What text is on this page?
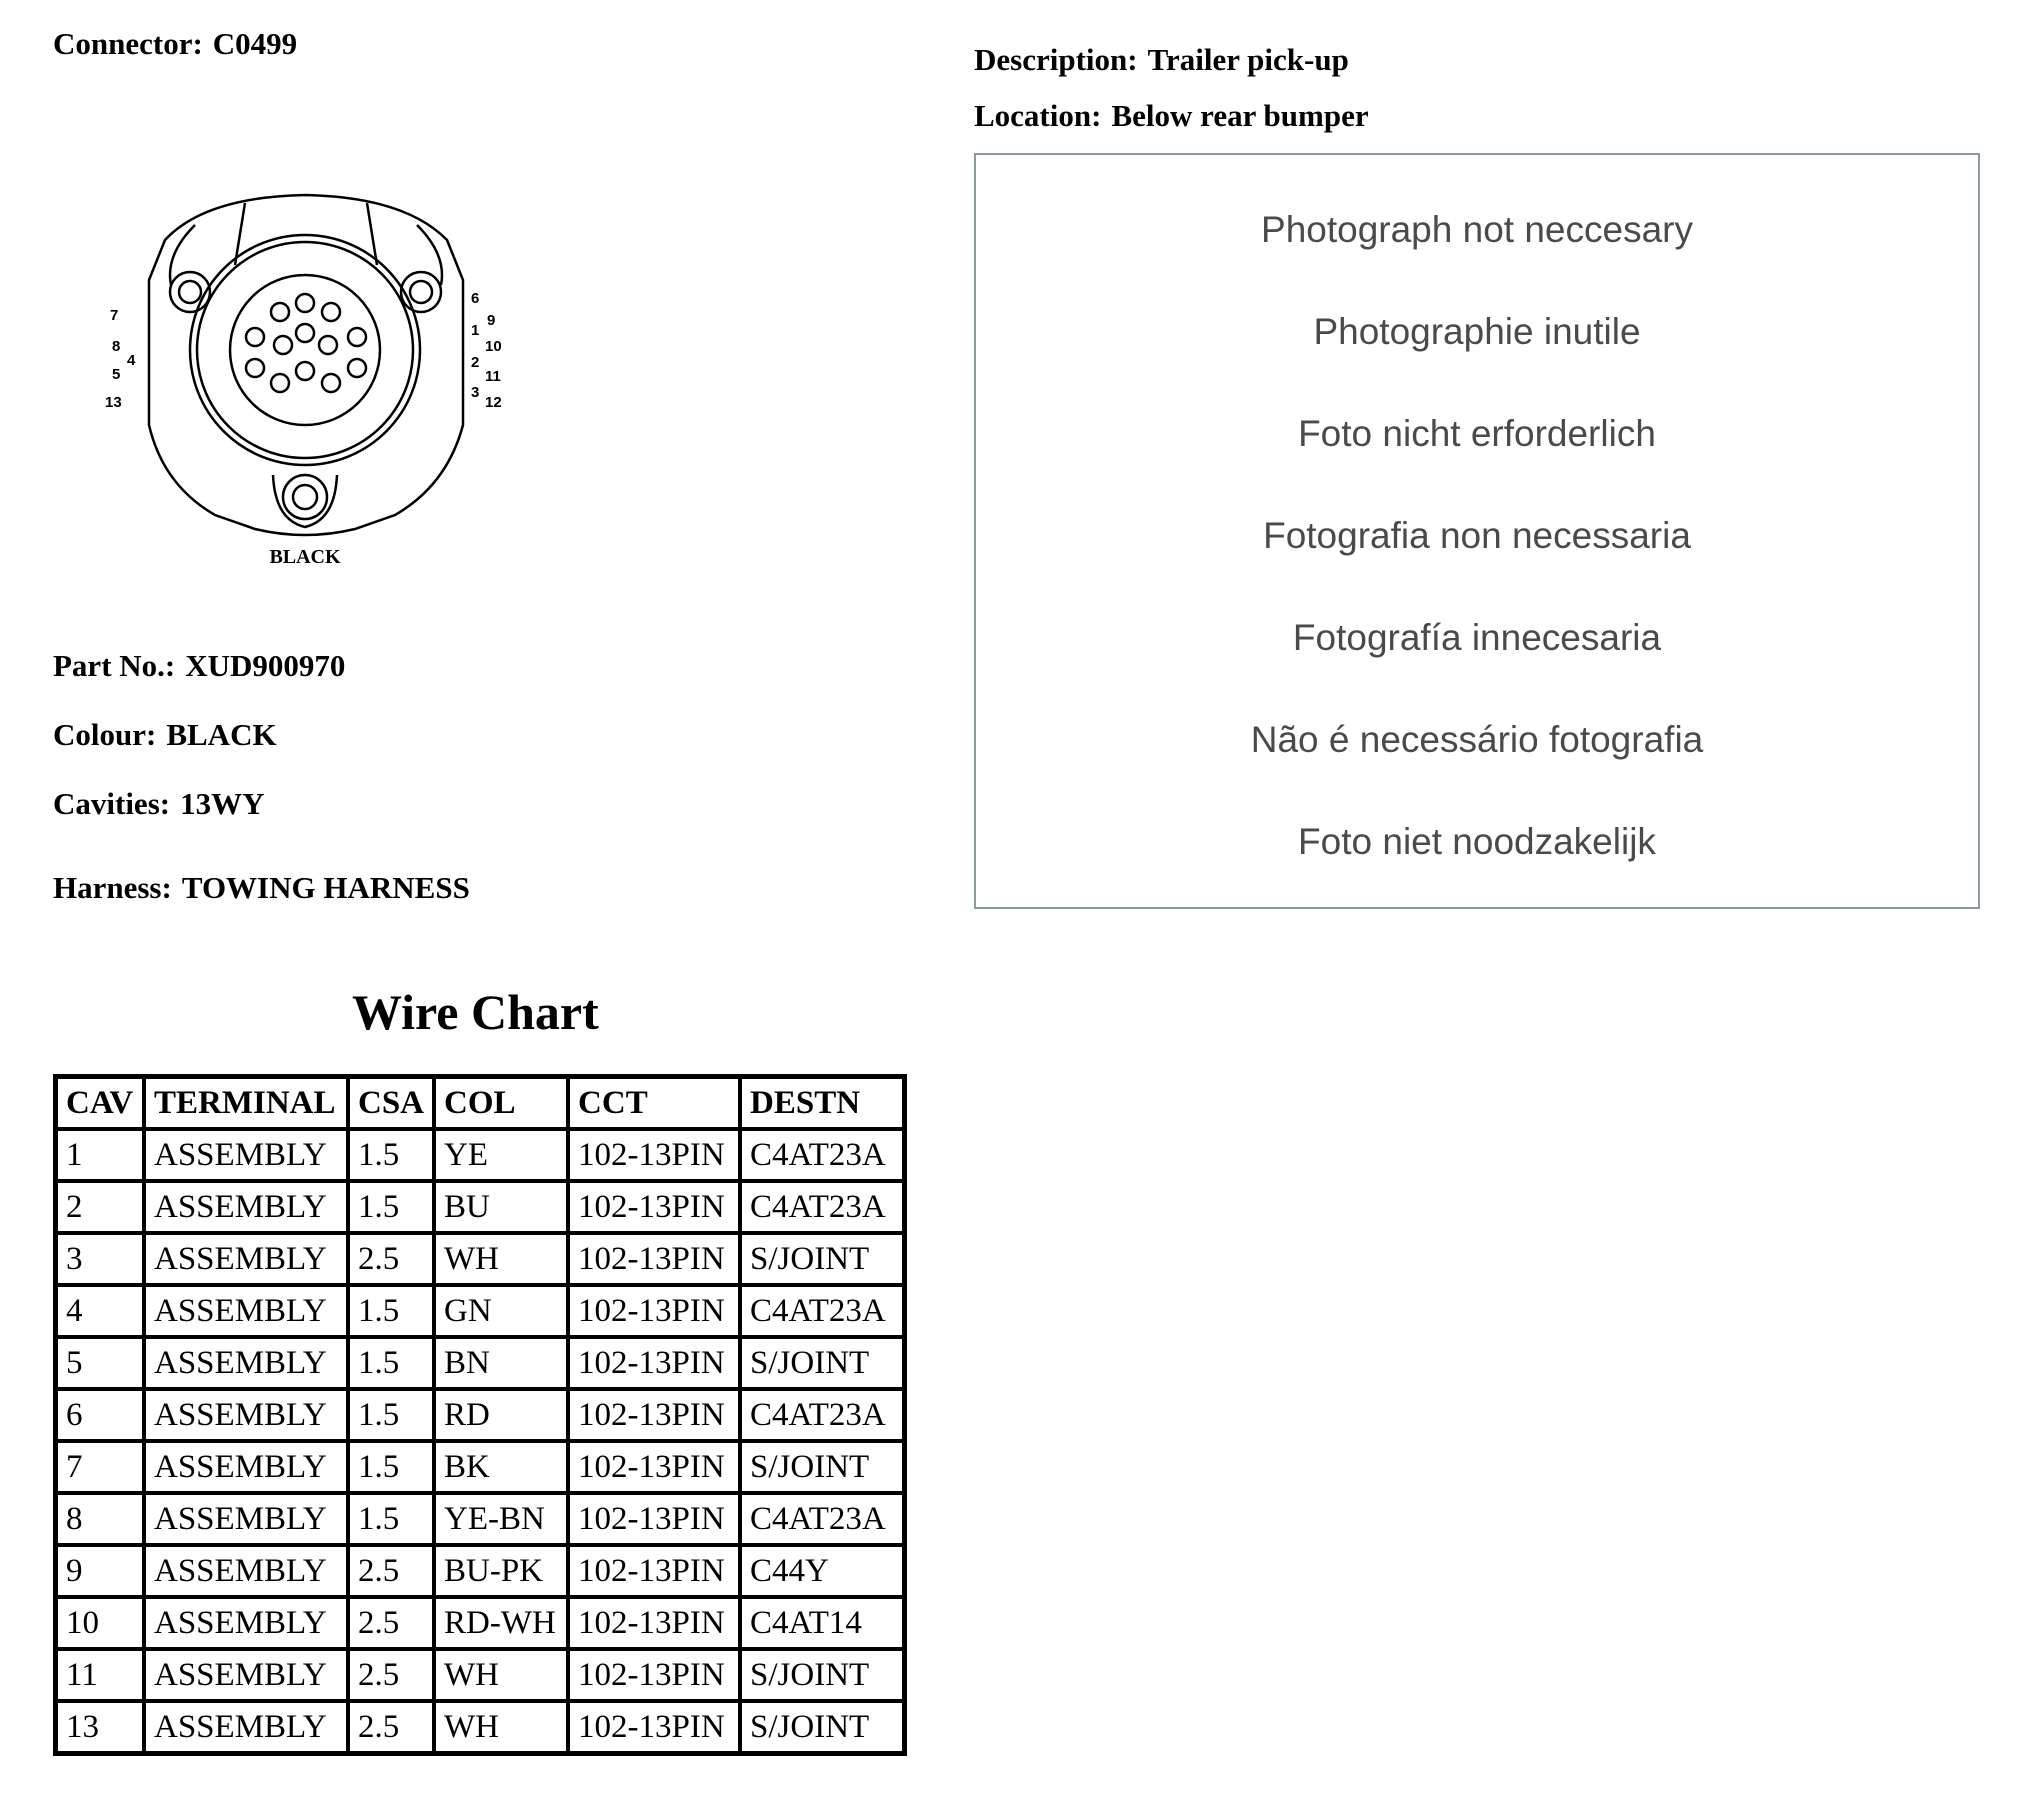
Connector: C0499	Description: Trailer pick-up
Location: Below rear bumper
7
8
4
5
13
6
1
9
10
2
11
3
12
BLACK
Photograph not neccesary
Photographie inutile
Foto nicht erforderlich
Fotografia non necessaria
Fotografía innecesaria
Não é necessário fotografia
Foto niet noodzakelijk
Part No.: XUD900970
Colour: BLACK
Cavities: 13WY
Harness: TOWING HARNESS
Wire Chart
CAV	TERMINAL	CSA	COL	CCT	DESTN
1	ASSEMBLY	1.5	YE	102-13PIN	C4AT23A
2	ASSEMBLY	1.5	BU	102-13PIN	C4AT23A
3	ASSEMBLY	2.5	WH	102-13PIN	S/JOINT
4	ASSEMBLY	1.5	GN	102-13PIN	C4AT23A
5	ASSEMBLY	1.5	BN	102-13PIN	S/JOINT
6	ASSEMBLY	1.5	RD	102-13PIN	C4AT23A
7	ASSEMBLY	1.5	BK	102-13PIN	S/JOINT
8	ASSEMBLY	1.5	YE-BN	102-13PIN	C4AT23A
9	ASSEMBLY	2.5	BU-PK	102-13PIN	C44Y
10	ASSEMBLY	2.5	RD-WH	102-13PIN	C4AT14
11	ASSEMBLY	2.5	WH	102-13PIN	S/JOINT
13	ASSEMBLY	2.5	WH	102-13PIN	S/JOINT
